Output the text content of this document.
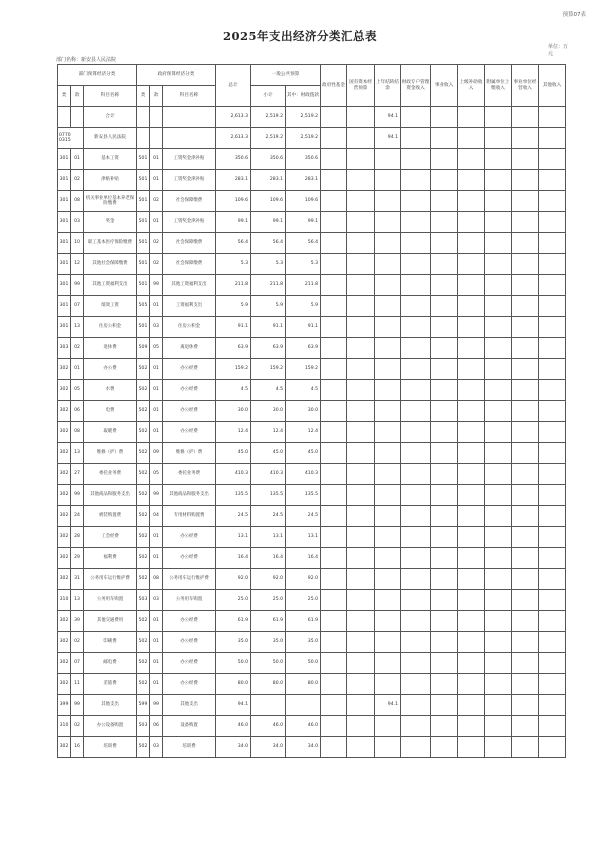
预算07表
2025年支出经济分类汇总表
单位：万
元
部门名称：新安县人民法院
部门预算经济分类			政府预算经济分类			总计	一般公共预算		政府性基金	国有资本经营预算	上年结转结余	财政专户管理资金收入	事业收入	上级补助收入	附属单位上缴收入	事业单位经营收入	其他收入
类	款	科目名称	类	款	科目名称		小计	其中：财政拨款									
		合计				2,613.3	2,519.2	2,519.2			94.1						

0770
0315		新安县人民法院				2,613.3	2,519.2	2,519.2			94.1						
301	01	基本工资	501	01	工资奖金津补贴	350.6	350.6	350.6									
301	02	津贴补贴	501	01	工资奖金津补贴	283.1	283.1	283.1									
301	08	机关事业单位基本养老保险缴费	501	02	社会保障缴费	109.6	109.6	109.6									
301	03	奖金	501	01	工资奖金津补贴	99.1	99.1	99.1									
301	10	职工基本医疗保险缴费	501	02	社会保障缴费	56.4	56.4	56.4									
301	12	其他社会保障缴费	501	02	社会保障缴费	5.3	5.3	5.3									
301	99	其他工资福利支出	501	99	其他工资福利支出	211.8	211.8	211.8									
301	07	绩效工资	505	01	工资福利支出	5.9	5.9	5.9									
301	13	住房公积金	501	03	住房公积金	91.1	91.1	91.1									
303	02	退休费	509	05	离退休费	63.9	63.9	63.9									
302	01	办公费	502	01	办公经费	159.2	159.2	159.2									
302	05	水费	502	01	办公经费	4.5	4.5	4.5									
302	06	电费	502	01	办公经费	30.0	30.0	30.0									
302	08	取暖费	502	01	办公经费	12.4	12.4	12.4									
302	13	维修（护）费	502	09	维修（护）费	45.0	45.0	45.0									
302	27	委托业务费	502	05	委托业务费	410.3	410.3	410.3									
302	99	其他商品和服务支出	502	99	其他商品和服务支出	135.5	135.5	135.5									
302	24	被装购置费	502	04	专用材料购置费	24.5	24.5	24.5									
302	28	工会经费	502	01	办公经费	13.1	13.1	13.1									
302	29	福利费	502	01	办公经费	16.4	16.4	16.4									
302	31	公务用车运行维护费	502	08	公务用车运行维护费	92.0	92.0	92.0									
310	13	公务用车购置	503	03	公务用车购置	25.0	25.0	25.0									
302	39	其他交通费用	502	01	办公经费	61.9	61.9	61.9									
302	02	印刷费	502	01	办公经费	35.0	35.0	35.0									
302	07	邮电费	502	01	办公经费	50.0	50.0	50.0									
302	11	差旅费	502	01	办公经费	80.0	80.0	80.0									
399	99	其他支出	599	99	其他支出	94.1					94.1						
310	02	办公设备购置	503	06	设备购置	46.0	46.0	46.0									
302	16	培训费	502	03	培训费	34.0	34.0	34.0									
